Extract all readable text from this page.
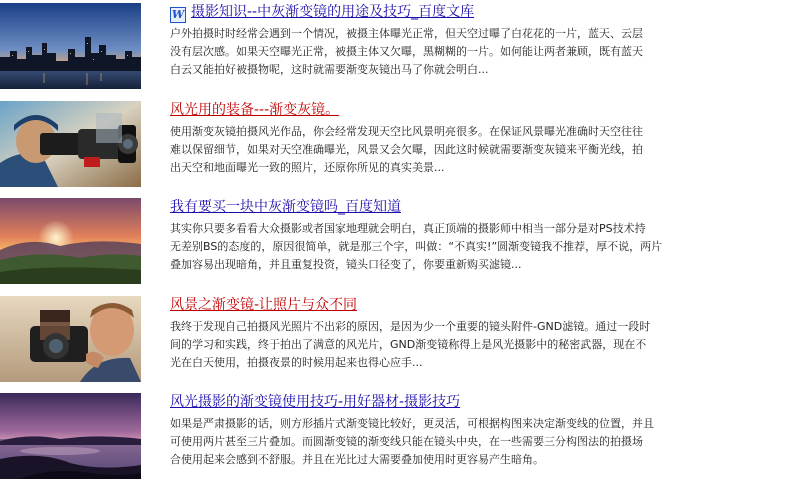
W 摄影知识--中灰渐变镜的用途及技巧_百度文库
户外拍摄时时经常会遇到一个情况，被摄主体曝光正常，但天空过曝了白花花的一片，蓝天、云层
没有层次感。如果天空曝光正常，被摄主体又欠曝，黑糊糊的一片。如何能让两者兼顾，既有蓝天
白云又能拍好被摄物呢，这时就需要渐变灰镜出马了你就会明白...
风光用的装备---渐变灰镜。
使用渐变灰镜拍摄风光作品，你会经常发现天空比风景明亮很多。在保证风景曝光准确时天空往往
难以保留细节，如果对天空准确曝光，风景又会欠曝，因此这时候就需要渐变灰镜来平衡光线，拍
出天空和地面曝光一致的照片，还原你所见的真实美景...
我有要买一块中灰渐变镜吗_百度知道
其实你只要多看看大众摄影或者国家地理就会明白，真正顶端的摄影师中相当一部分是对PS技术持
无差别BS的态度的，原因很简单，就是那三个字，叫做：“不真实!”圆渐变镜我不推荐，厚不说，两片
叠加容易出现暗角，并且重复投资，镜头口径变了，你要重新购买滤镜...
风景之渐变镜-让照片与众不同
我终于发现自己拍摄风光照片不出彩的原因，是因为少一个重要的镜头附件-GND滤镜。通过一段时
间的学习和实践，终于拍出了满意的风光片，GND渐变镜称得上是风光摄影中的秘密武器，现在不
光在白天使用，拍摄夜景的时候用起来也得心应手...
风光摄影的渐变镜使用技巧-用好器材-摄影技巧
如果是严肃摄影的话，则方形插片式渐变镜比较好，更灵活，可根据构图来决定渐变线的位置，并且
可使用两片甚至三片叠加。而圆渐变镜的渐变线只能在镜头中央，在一些需要三分构图法的拍摄场
合使用起来会感到不舒服。并且在光比过大需要叠加使用时更容易产生暗角。
